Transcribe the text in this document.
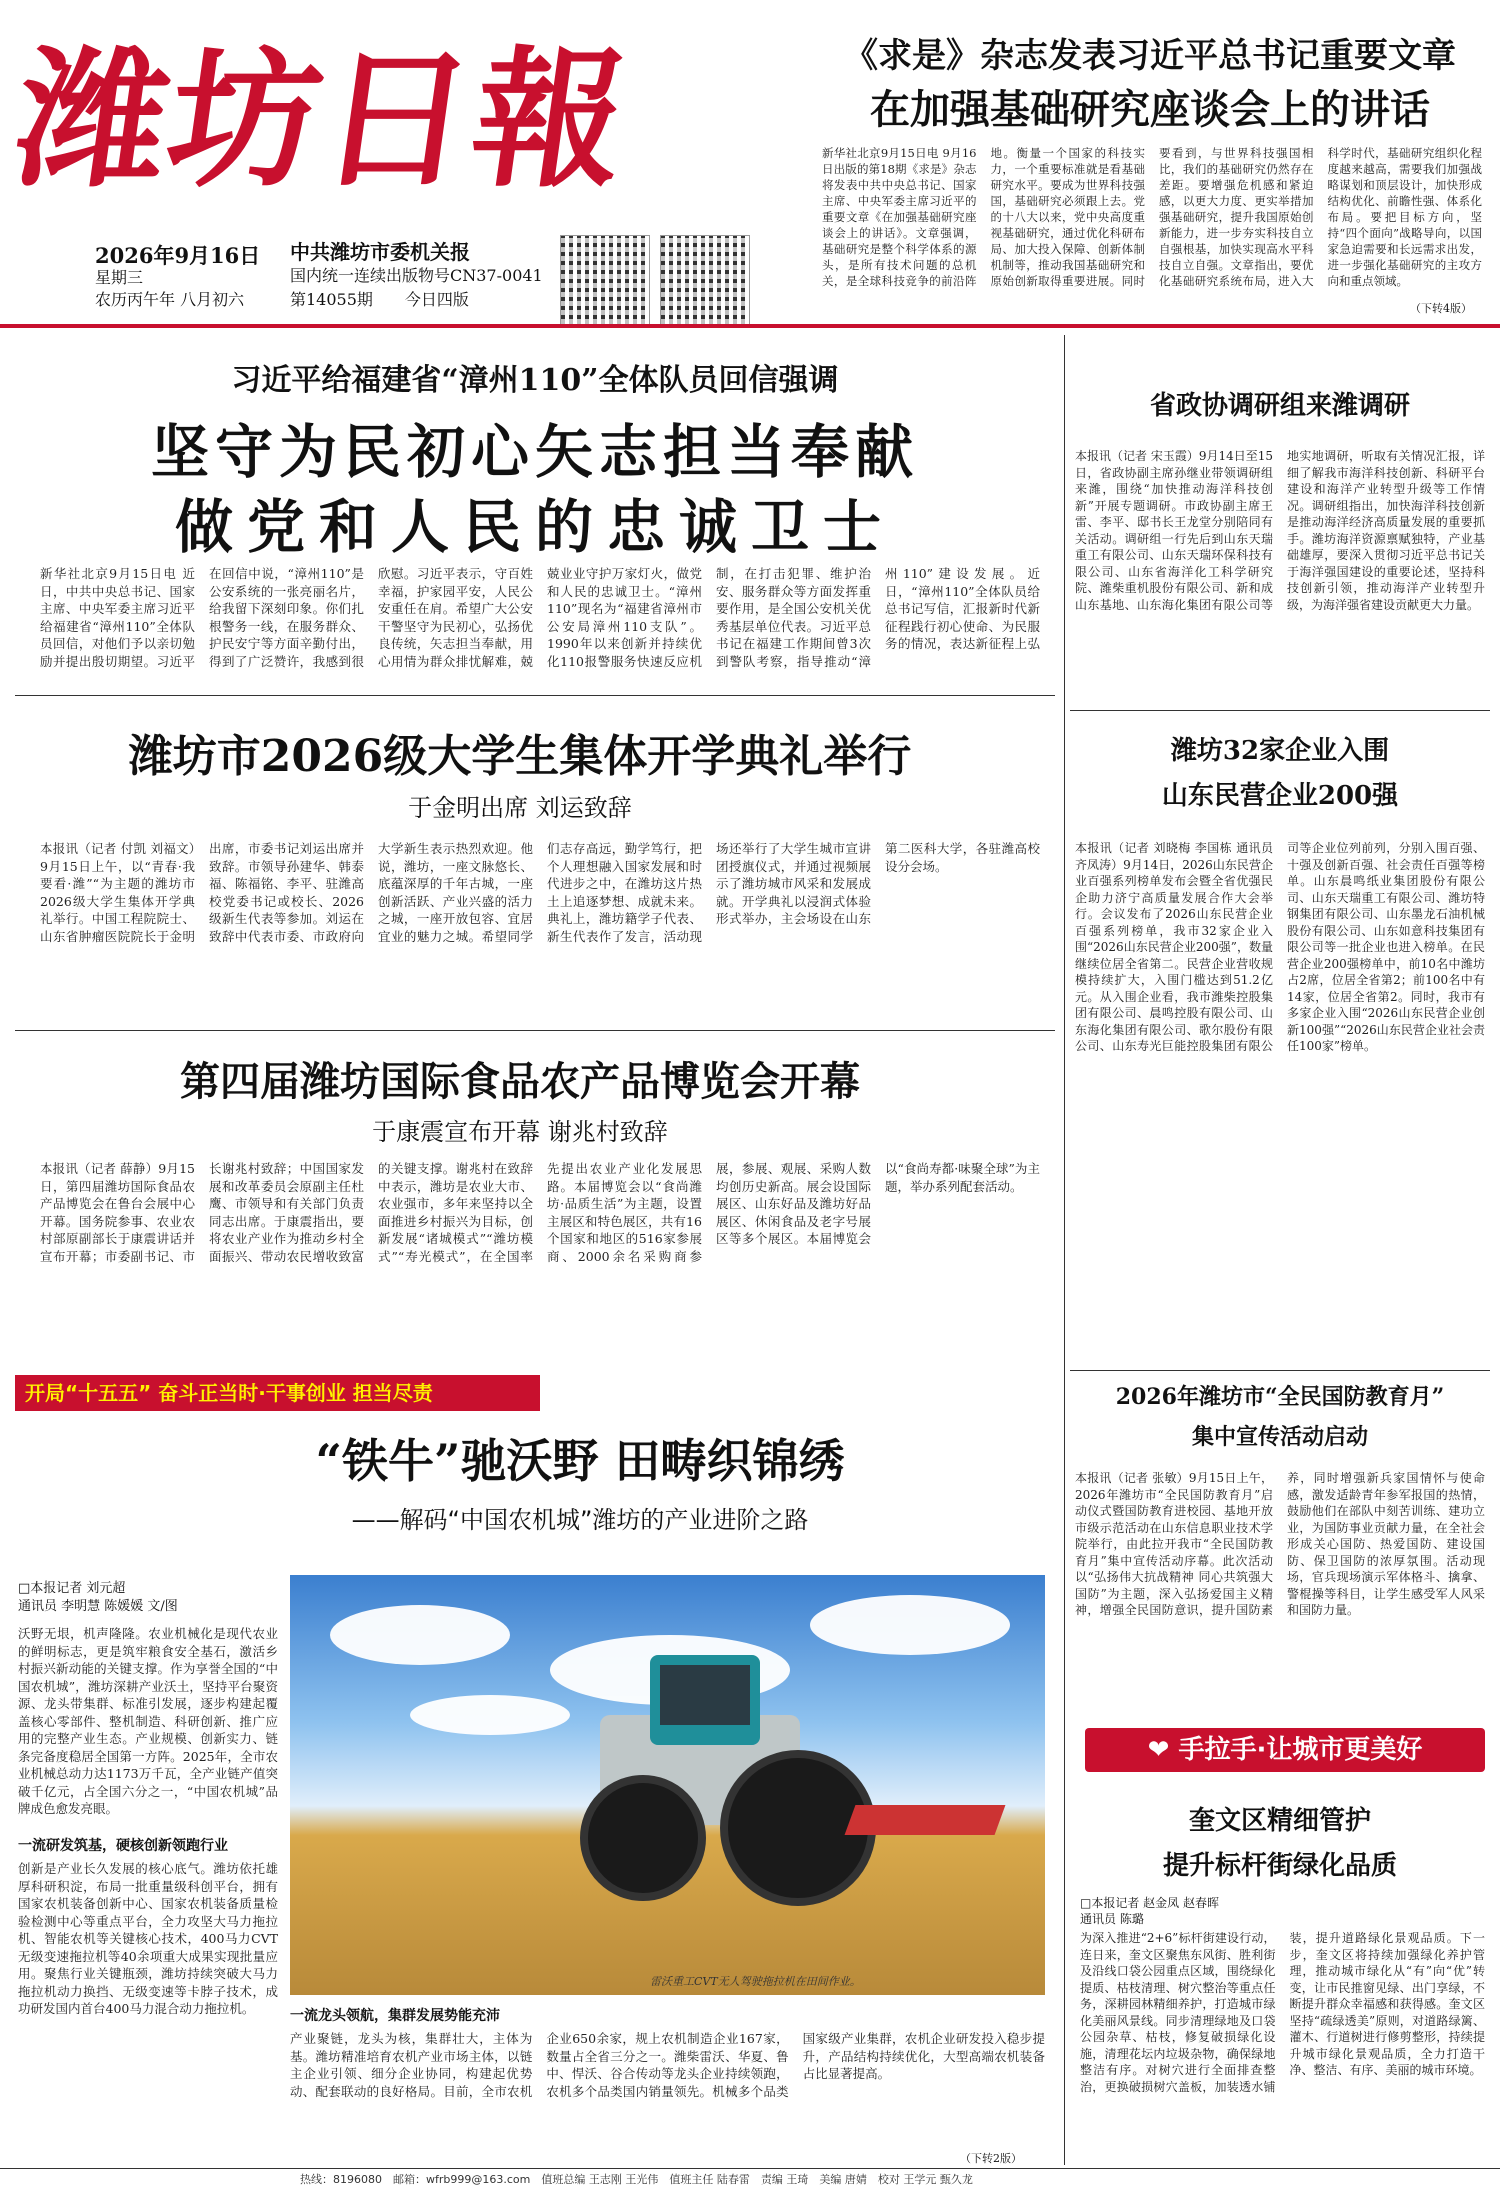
潍坊日報
2026年9月16日
星期三
农历丙午年 八月初六
中共潍坊市委机关报
国内统一连续出版物号CN37-0041
第14055期　　 今日四版
《求是》杂志发表习近平总书记重要文章
在加强基础研究座谈会上的讲话
新华社北京9月15日电 9月16日出版的第18期《求是》杂志将发表中共中央总书记、国家主席、中央军委主席习近平的重要文章《在加强基础研究座谈会上的讲话》。文章强调，基础研究是整个科学体系的源头，是所有技术问题的总机关，是全球科技竞争的前沿阵地。衡量一个国家的科技实力，一个重要标准就是看基础研究水平。要成为世界科技强国，基础研究必须跟上去。党的十八大以来，党中央高度重视基础研究，通过优化科研布局、加大投入保障、创新体制机制等，推动我国基础研究和原始创新取得重要进展。同时要看到，与世界科技强国相比，我们的基础研究仍然存在差距。要增强危机感和紧迫感，以更大力度、更实举措加强基础研究，提升我国原始创新能力，进一步夯实科技自立自强根基，加快实现高水平科技自立自强。文章指出，要优化基础研究系统布局，进入大科学时代，基础研究组织化程度越来越高，需要我们加强战略谋划和顶层设计，加快形成结构优化、前瞻性强、体系化布局。要把目标方向，坚持“四个面向”战略导向，以国家急迫需要和长远需求出发，进一步强化基础研究的主攻方向和重点领域。
（下转4版）
习近平给福建省“漳州110”全体队员回信强调
坚守为民初心矢志担当奉献
做党和人民的忠诚卫士
新华社北京9月15日电 近日，中共中央总书记、国家主席、中央军委主席习近平给福建省“漳州110”全体队员回信，对他们予以亲切勉励并提出殷切期望。习近平在回信中说，“漳州110”是公安系统的一张亮丽名片，给我留下深刻印象。你们扎根警务一线，在服务群众、护民安宁等方面辛勤付出，得到了广泛赞许，我感到很欣慰。习近平表示，守百姓幸福，护家园平安，人民公安重任在肩。希望广大公安干警坚守为民初心，弘扬优良传统，矢志担当奉献，用心用情为群众排忧解难，兢兢业业守护万家灯火，做党和人民的忠诚卫士。“漳州110”现名为“福建省漳州市公安局漳州110支队”。1990年以来创新并持续优化110报警服务快速反应机制，在打击犯罪、维护治安、服务群众等方面发挥重要作用，是全国公安机关优秀基层单位代表。习近平总书记在福建工作期间曾3次到警队考察，指导推动“漳州110”建设发展。近日，“漳州110”全体队员给总书记写信，汇报新时代新征程践行初心使命、为民服务的情况，表达新征程上弘
潍坊市2026级大学生集体开学典礼举行
于金明出席 刘运致辞
本报讯（记者 付凯 刘福文）9月15日上午，以“青春·我要看·潍”“为主题的潍坊市2026级大学生集体开学典礼举行。中国工程院院士、山东省肿瘤医院院长于金明出席，市委书记刘运出席并致辞。市领导孙建华、韩泰福、陈福铭、李平、驻潍高校党委书记或校长、2026级新生代表等参加。刘运在致辞中代表市委、市政府向大学新生表示热烈欢迎。他说，潍坊，一座文脉悠长、底蕴深厚的千年古城，一座创新活跃、产业兴盛的活力之城，一座开放包容、宜居宜业的魅力之城。希望同学们志存高远，勤学笃行，把个人理想融入国家发展和时代进步之中，在潍坊这片热土上追逐梦想、成就未来。典礼上，潍坊籍学子代表、新生代表作了发言，活动现场还举行了大学生城市宣讲团授旗仪式，并通过视频展示了潍坊城市风采和发展成就。开学典礼以浸润式体验形式举办，主会场设在山东第二医科大学，各驻潍高校设分会场。
第四届潍坊国际食品农产品博览会开幕
于康震宣布开幕 谢兆村致辞
本报讯（记者 薛静）9月15日，第四届潍坊国际食品农产品博览会在鲁台会展中心开幕。国务院参事、农业农村部原副部长于康震讲话并宣布开幕；市委副书记、市长谢兆村致辞；中国国家发展和改革委员会原副主任杜鹰、市领导和有关部门负责同志出席。于康震指出，要将农业产业作为推动乡村全面振兴、带动农民增收致富的关键支撑。谢兆村在致辞中表示，潍坊是农业大市、农业强市，多年来坚持以全面推进乡村振兴为目标，创新发展“诸城模式”“潍坊模式”“寿光模式”，在全国率先提出农业产业化发展思路。本届博览会以“食尚潍坊·品质生活”为主题，设置主展区和特色展区，共有16个国家和地区的516家参展商、2000余名采购商参展，参展、观展、采购人数均创历史新高。展会设国际展区、山东好品及潍坊好品展区、休闲食品及老字号展区等多个展区。本届博览会以“食尚寿都·味聚全球”为主题，举办系列配套活动。
开局“十五五” 奋斗正当时·干事创业 担当尽责
“铁牛”驰沃野 田畴织锦绣
——解码“中国农机城”潍坊的产业进阶之路
□本报记者 刘元超
通讯员 李明慧 陈媛媛 文/图
沃野无垠，机声隆隆。农业机械化是现代农业的鲜明标志，更是筑牢粮食安全基石，激活乡村振兴新动能的关键支撑。作为享誉全国的“中国农机城”，潍坊深耕产业沃土，坚持平台聚资源、龙头带集群、标准引发展，逐步构建起覆盖核心零部件、整机制造、科研创新、推广应用的完整产业生态。产业规模、创新实力、链条完备度稳居全国第一方阵。2025年，全市农业机械总动力达1173万千瓦，全产业链产值突破千亿元，占全国六分之一，“中国农机城”品牌成色愈发亮眼。
一流研发筑基，硬核创新领跑行业
创新是产业长久发展的核心底气。潍坊依托雄厚科研积淀，布局一批重量级科创平台，拥有国家农机装备创新中心、国家农机装备质量检验检测中心等重点平台，全力攻坚大马力拖拉机、智能农机等关键核心技术，400马力CVT无级变速拖拉机等40余项重大成果实现批量应用。聚焦行业关键瓶颈，潍坊持续突破大马力拖拉机动力换挡、无级变速等卡脖子技术，成功研发国内首台400马力混合动力拖拉机。
雷沃重工CVT无人驾驶拖拉机在田间作业。
一流龙头领航，集群发展势能充沛
产业聚链，龙头为核，集群壮大，主体为基。潍坊精准培育农机产业市场主体，以链主企业引领、细分企业协同，构建起优势动、配套联动的良好格局。目前，全市农机企业650余家，规上农机制造企业167家，数量占全省三分之一。潍柴雷沃、华夏、鲁中、悍沃、谷合传动等龙头企业持续领跑，农机多个品类国内销量领先。机械多个品类国家级产业集群，农机企业研发投入稳步提升，产品结构持续优化，大型高端农机装备占比显著提高。
（下转2版）
省政协调研组来潍调研
本报讯（记者 宋玉霞）9月14日至15日，省政协副主席孙继业带领调研组来潍，围绕“加快推动海洋科技创新”开展专题调研。市政协副主席王雷、李平、邸书长王龙堂分别陪同有关活动。调研组一行先后到山东天瑞重工有限公司、山东天瑞环保科技有限公司、山东省海洋化工科学研究院、潍柴重机股份有限公司、新和成山东基地、山东海化集团有限公司等地实地调研，听取有关情况汇报，详细了解我市海洋科技创新、科研平台建设和海洋产业转型升级等工作情况。调研组指出，加快海洋科技创新是推动海洋经济高质量发展的重要抓手。潍坊海洋资源禀赋独特，产业基础雄厚，要深入贯彻习近平总书记关于海洋强国建设的重要论述，坚持科技创新引领，推动海洋产业转型升级，为海洋强省建设贡献更大力量。
潍坊32家企业入围
山东民营企业200强
本报讯（记者 刘晓梅 李国栋 通讯员 齐凤涛）9月14日，2026山东民营企业百强系列榜单发布会暨全省优强民企助力济宁高质量发展合作大会举行。会议发布了2026山东民营企业百强系列榜单，我市32家企业入围“2026山东民营企业200强”，数量继续位居全省第二。民营企业营收规模持续扩大，入围门槛达到51.2亿元。从入围企业看，我市潍柴控股集团有限公司、晨鸣控股有限公司、山东海化集团有限公司、歌尔股份有限公司、山东寿光巨能控股集团有限公司等企业位列前列，分别入围百强、十强及创新百强、社会责任百强等榜单。山东晨鸣纸业集团股份有限公司、山东天瑞重工有限公司、潍坊特钢集团有限公司、山东墨龙石油机械股份有限公司、山东如意科技集团有限公司等一批企业也进入榜单。在民营企业200强榜单中，前10名中潍坊占2席，位居全省第2；前100名中有14家，位居全省第2。同时，我市有多家企业入围“2026山东民营企业创新100强”“2026山东民营企业社会责任100家”榜单。
2026年潍坊市“全民国防教育月”
集中宣传活动启动
本报讯（记者 张敏）9月15日上午，2026年潍坊市“全民国防教育月”启动仪式暨国防教育进校园、基地开放市级示范活动在山东信息职业技术学院举行，由此拉开我市“全民国防教育月”集中宣传活动序幕。此次活动以“弘扬伟大抗战精神 同心共筑强大国防”为主题，深入弘扬爱国主义精神，增强全民国防意识，提升国防素养，同时增强新兵家国情怀与使命感，激发适龄青年参军报国的热情，鼓励他们在部队中刻苦训练、建功立业，为国防事业贡献力量，在全社会形成关心国防、热爱国防、建设国防、保卫国防的浓厚氛围。活动现场，官兵现场演示军体格斗、擒拿、警棍操等科目，让学生感受军人风采和国防力量。
❤ 手拉手·让城市更美好
奎文区精细管护
提升标杆街绿化品质
□本报记者 赵金凤 赵春晖
通讯员 陈璐
为深入推进“2+6”标杆街建设行动，连日来，奎文区聚焦东风街、胜利街及沿线口袋公园重点区域，围绕绿化提质、枯枝清理、树穴整治等重点任务，深耕园林精细养护，打造城市绿化美丽风景线。同步清理绿地及口袋公园杂草、枯枝，修复破损绿化设施，清理花坛内垃圾杂物，确保绿地整洁有序。对树穴进行全面排查整治，更换破损树穴盖板，加装透水铺装，提升道路绿化景观品质。下一步，奎文区将持续加强绿化养护管理，推动城市绿化从“有”向“优”转变，让市民推窗见绿、出门享绿，不断提升群众幸福感和获得感。奎文区坚持“疏绿透美”原则，对道路绿篱、灌木、行道树进行修剪整形，持续提升城市绿化景观品质，全力打造干净、整洁、有序、美丽的城市环境。
热线：8196080　邮箱：wfrb999@163.com　值班总编 王志刚 王光伟　值班主任 陆春雷　责编 王琦　美编 唐婧　校对 王学元 甄久龙
